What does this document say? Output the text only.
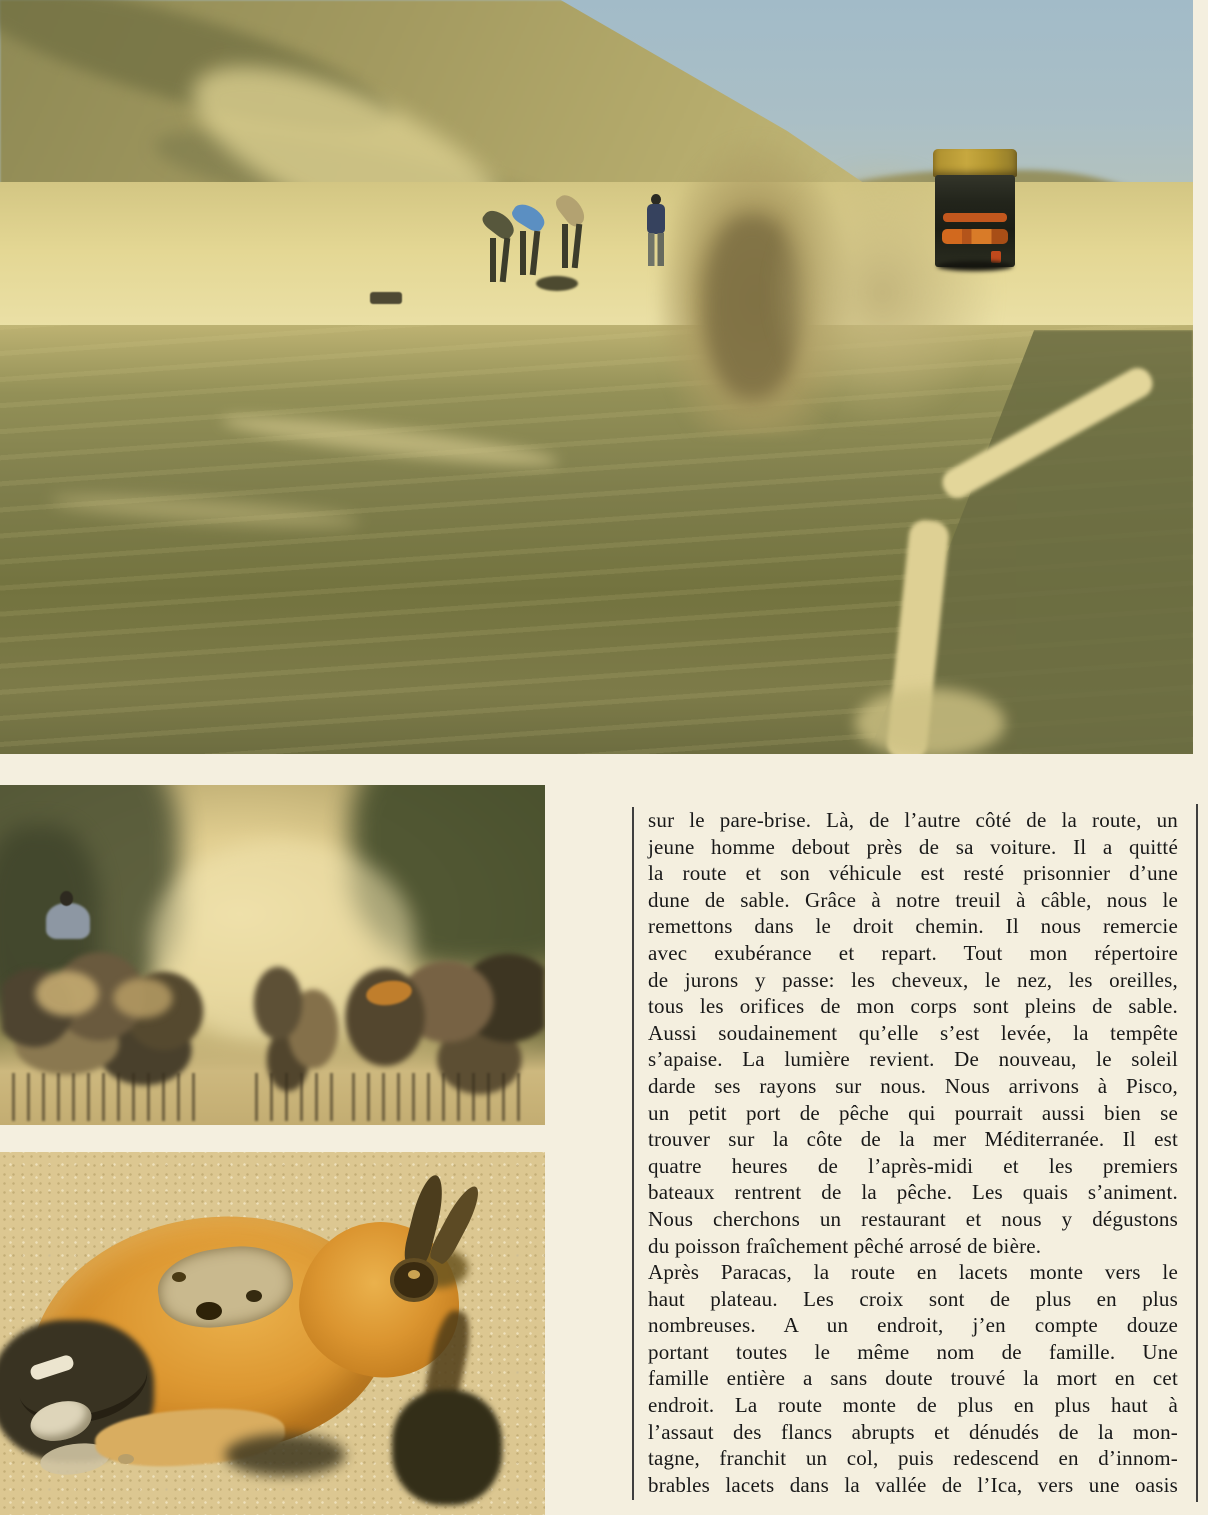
sur le pare-brise. Là, de l’autre côté de la route, un
jeune homme debout près de sa voiture. Il a quitté
la route et son véhicule est resté prisonnier d’une
dune de sable. Grâce à notre treuil à câble, nous le
remettons dans le droit chemin. Il nous remercie
avec exubérance et repart. Tout mon répertoire
de jurons y passe: les cheveux, le nez, les oreilles,
tous les orifices de mon corps sont pleins de sable.
Aussi soudainement qu’elle s’est levée, la tempête
s’apaise. La lumière revient. De nouveau, le soleil
darde ses rayons sur nous. Nous arrivons à Pisco,
un petit port de pêche qui pourrait aussi bien se
trouver sur la côte de la mer Méditerranée. Il est
quatre heures de l’après-midi et les premiers
bateaux rentrent de la pêche. Les quais s’animent.
Nous cherchons un restaurant et nous y dégustons
du poisson fraîchement pêché arrosé de bière.
Après Paracas, la route en lacets monte vers le
haut plateau. Les croix sont de plus en plus
nombreuses. A un endroit, j’en compte douze
portant toutes le même nom de famille. Une
famille entière a sans doute trouvé la mort en cet
endroit. La route monte de plus en plus haut à
l’assaut des flancs abrupts et dénudés de la mon-
tagne, franchit un col, puis redescend en d’innom-
brables lacets dans la vallée de l’Ica, vers une oasis
